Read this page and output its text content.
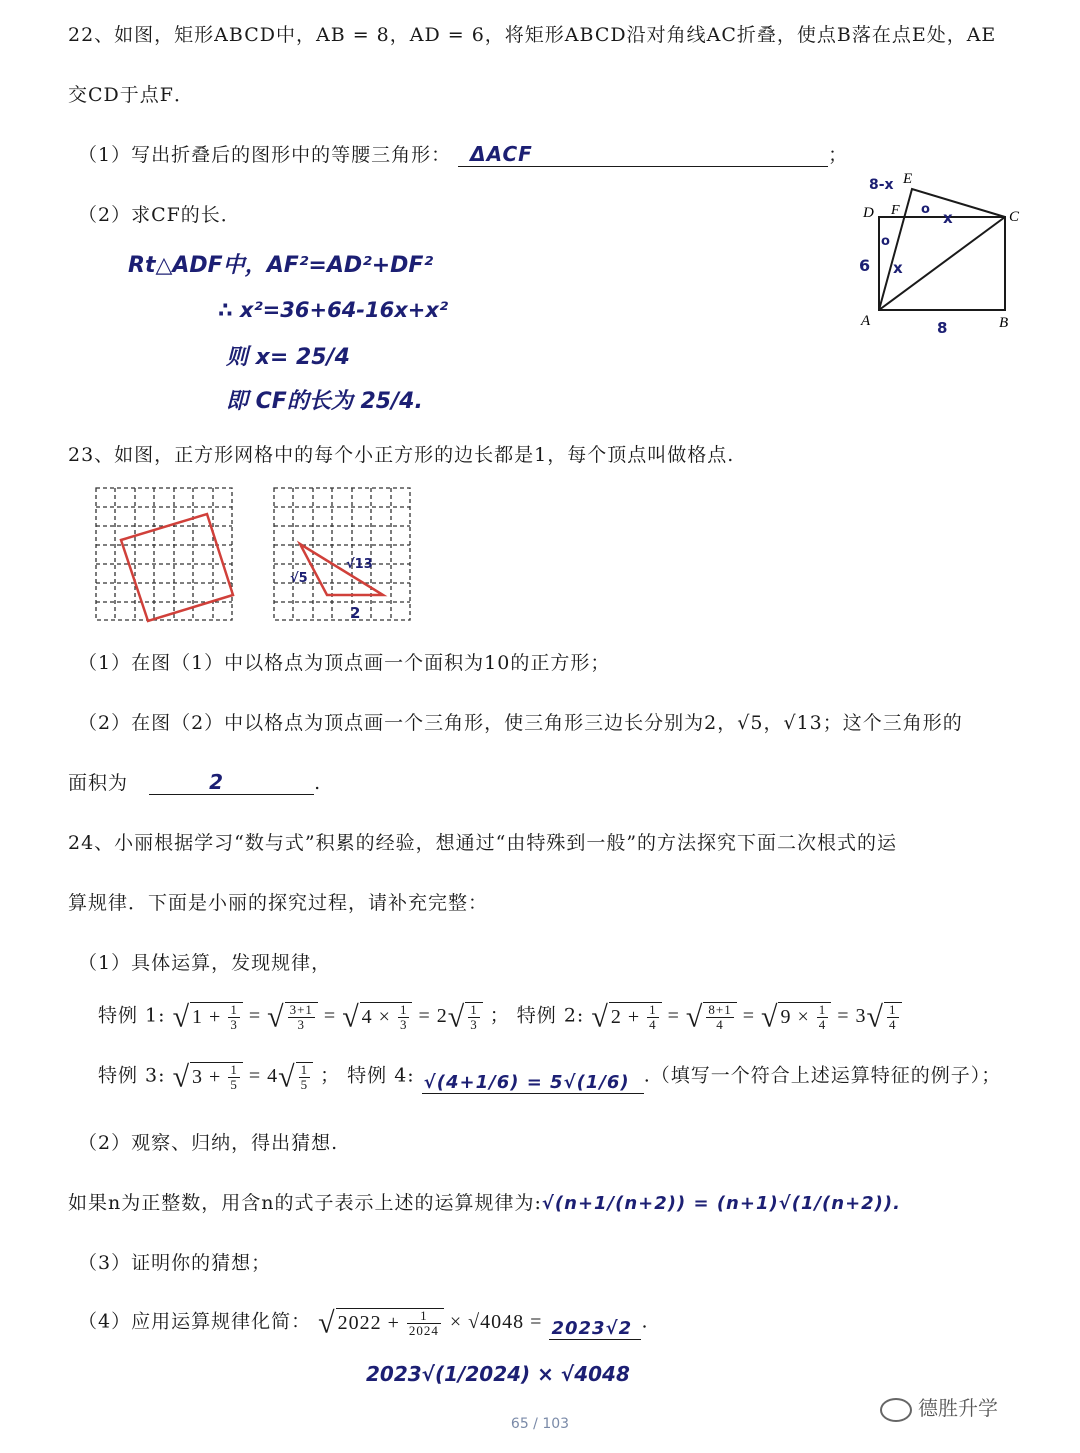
22、如图，矩形ABCD中，AB = 8，AD = 6，将矩形ABCD沿对角线AC折叠，使点B落在点E处，AE
交CD于点F．
（1）写出折叠后的图形中的等腰三角形： ΔACF	；
（2）求CF的长．
Rt△ADF中，AF²=AD²+DF²
∴ x²=36+64-16x+x²
则 x= 25/4
即 CF的长为 25/4.
D
E
F	C
A	B
8-x
6
8
x
x
o
o
23、如图，正方形网格中的每个小正方形的边长都是1，每个顶点叫做格点.
√5
√13
2
（1）在图（1）中以格点为顶点画一个面积为10的正方形；
（2）在图（2）中以格点为顶点画一个三角形，使三角形三边长分别为2，√5，√13；这个三角形的
面积为	2	.
24、小丽根据学习“数与式”积累的经验，想通过“由特殊到一般”的方法探究下面二次根式的运
算规律．下面是小丽的探究过程，请补充完整：
（1）具体运算，发现规律，
特例 1: √ $1 + \frac{1}{3}$ = √ $\frac{3+1}{3}$ = √ $4 \times \frac{1}{3} = 2√ \frac{1}{3}$ ； 特例 2: √ $2 + \frac{1}{4}$ = √ $\frac{8+1}{4}$ = √ $9 \times \frac{1}{4} = 3√ \frac{1}{4}$
特例 3: √ $3 + \frac{1}{5} = 4√ \frac{1}{5}$ ； 特例 4: √(4+1/6) = 5√(1/6) .（填写一个符合上述运算特征的例子）；
（2）观察、归纳，得出猜想.
如果n为正整数，用含n的式子表示上述的运算规律为:√(n+1/(n+2)) = (n+1)√(1/(n+2)).
（3）证明你的猜想；
（4）应用运算规律化简： √ $2022 + \frac{1}{2024} \times √4048 = 2023√2$ .
2023√(1/2024) × √4048
65 / 103
德胜升学
